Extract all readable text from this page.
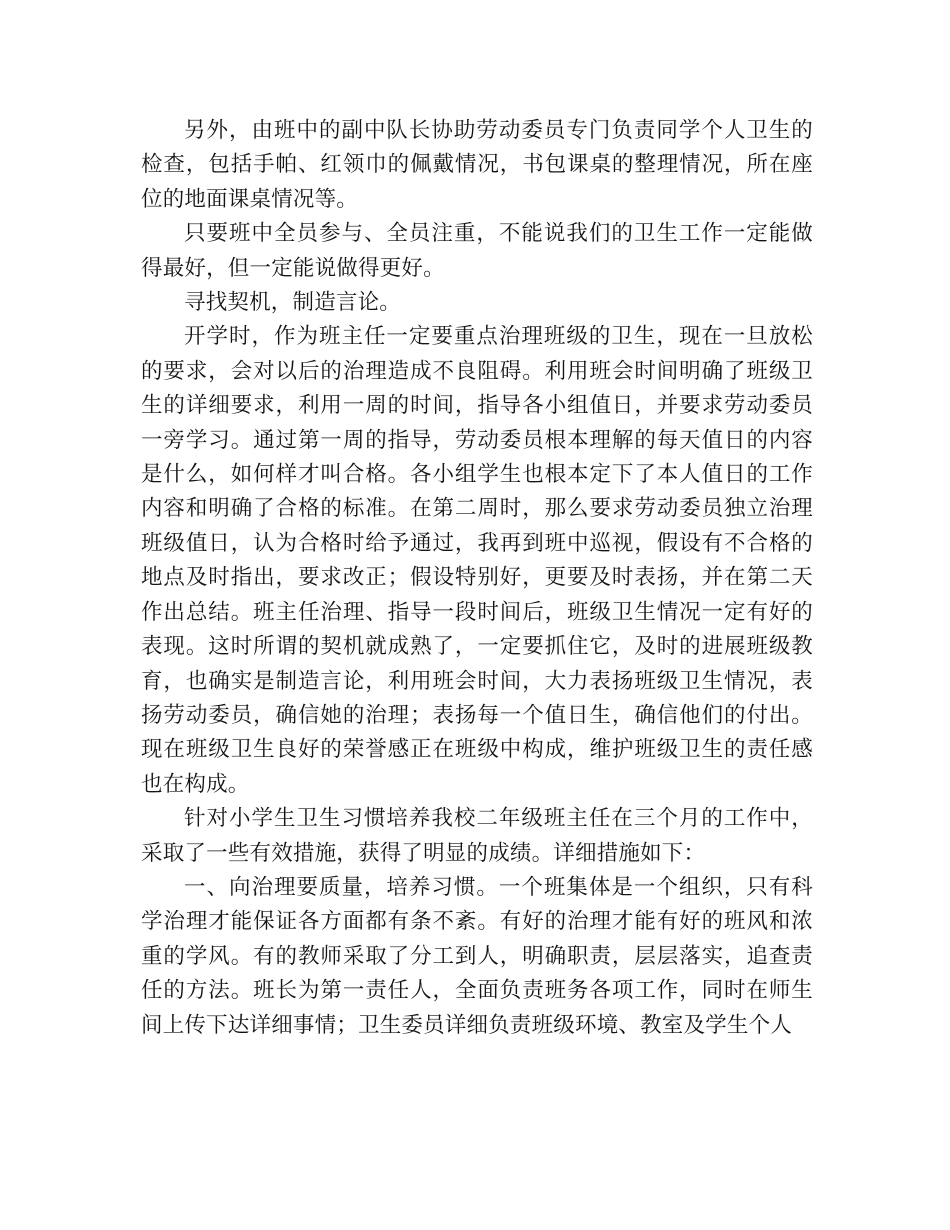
另外，由班中的副中队长协助劳动委员专门负责同学个人卫生的检查，包括手帕、红领巾的佩戴情况，书包课桌的整理情况，所在座位的地面课桌情况等。

只要班中全员参与、全员注重，不能说我们的卫生工作一定能做得最好，但一定能说做得更好。

寻找契机，制造言论。

开学时，作为班主任一定要重点治理班级的卫生，现在一旦放松的要求，会对以后的治理造成不良阻碍。利用班会时间明确了班级卫生的详细要求，利用一周的时间，指导各小组值日，并要求劳动委员一旁学习。通过第一周的指导，劳动委员根本理解的每天值日的内容是什么，如何样才叫合格。各小组学生也根本定下了本人值日的工作内容和明确了合格的标准。在第二周时，那么要求劳动委员独立治理班级值日，认为合格时给予通过，我再到班中巡视，假设有不合格的地点及时指出，要求改正；假设特别好，更要及时表扬，并在第二天作出总结。班主任治理、指导一段时间后，班级卫生情况一定有好的表现。这时所谓的契机就成熟了，一定要抓住它，及时的进展班级教育，也确实是制造言论，利用班会时间，大力表扬班级卫生情况，表扬劳动委员，确信她的治理；表扬每一个值日生，确信他们的付出。现在班级卫生良好的荣誉感正在班级中构成，维护班级卫生的责任感也在构成。

针对小学生卫生习惯培养我校二年级班主任在三个月的工作中，采取了一些有效措施，获得了明显的成绩。详细措施如下：

一、向治理要质量，培养习惯。一个班集体是一个组织，只有科学治理才能保证各方面都有条不紊。有好的治理才能有好的班风和浓重的学风。有的教师采取了分工到人，明确职责，层层落实，追查责任的方法。班长为第一责任人，全面负责班务各项工作，同时在师生间上传下达详细事情；卫生委员详细负责班级环境、教室及学生个人
